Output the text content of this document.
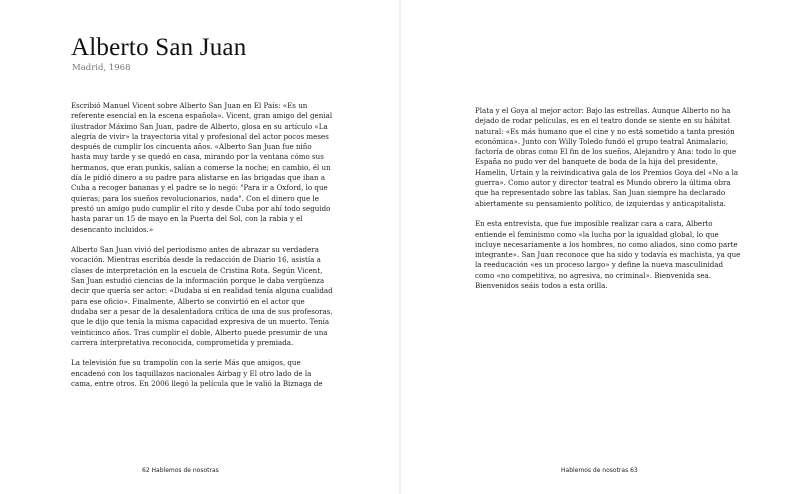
Alberto San Juan
Madrid, 1968

Escribió Manuel Vicent sobre Alberto San Juan en El País: «Es un referente esencial en la escena española». Vicent, gran amigo del genial ilustrador Máximo San Juan, padre de Alberto, glosa en su artículo «La alegría de vivir» la trayectoria vital y profesional del actor pocos meses después de cumplir los cincuenta años. «Alberto San Juan fue niño hasta muy tarde y se quedó en casa, mirando por la ventana cómo sus hermanos, que eran punkis, salían a comerse la noche; en cambio, él un día le pidió dinero a su padre para alistarse en las brigadas que iban a Cuba a recoger bananas y el padre se lo negó: "Para ir a Oxford, lo que quieras; para los sueños revolucionarios, nada". Con el dinero que le prestó un amigo pudo cumplir el rito y desde Cuba por ahí todo seguido hasta parar un 15 de mayo en la Puerta del Sol, con la rabia y el desencanto incluidos.»

Alberto San Juan vivió del periodismo antes de abrazar su verdadera vocación. Mientras escribía desde la redacción de Diario 16, asistía a clases de interpretación en la escuela de Cristina Rota. Según Vicent, San Juan estudió ciencias de la información porque le daba vergüenza decir que quería ser actor: «Dudaba si en realidad tenía alguna cualidad para ese oficio». Finalmente, Alberto se convirtió en el actor que dudaba ser a pesar de la desalentadora crítica de una de sus profesoras, que le dijo que tenía la misma capacidad expresiva de un muerto. Tenía veinticinco años. Tras cumplir el doble, Alberto puede presumir de una carrera interpretativa reconocida, comprometida y premiada.

La televisión fue su trampolín con la serie Más que amigos, que encadenó con los taquillazos nacionales Airbag y El otro lado de la cama, entre otros. En 2006 llegó la película que le valió la Biznaga de

62 Hablemos de nosotras

Plata y el Goya al mejor actor: Bajo las estrellas. Aunque Alberto no ha dejado de rodar películas, es en el teatro donde se siente en su hábitat natural: «Es más humano que el cine y no está sometido a tanta presión económica». Junto con Willy Toledo fundó el grupo teatral Animalario, factoría de obras como El fin de los sueños, Alejandro y Ana: todo lo que España no pudo ver del banquete de boda de la hija del presidente, Hamelin, Urtain y la reivindicativa gala de los Premios Goya del «No a la guerra». Como autor y director teatral es Mundo obrero la última obra que ha representado sobre las tablas. San Juan siempre ha declarado abiertamente su pensamiento político, de izquierdas y anticapitalista.

En esta entrevista, que fue imposible realizar cara a cara, Alberto entiende el feminismo como «la lucha por la igualdad global, lo que incluye necesariamente a los hombres, no como aliados, sino como parte integrante». San Juan reconoce que ha sido y todavía es machista, ya que la reeducación «es un proceso largo» y define la nueva masculinidad como «no competitiva, no agresiva, no criminal». Bienvenida sea. Bienvenidos seáis todos a esta orilla.

Hablemos de nosotras 63
